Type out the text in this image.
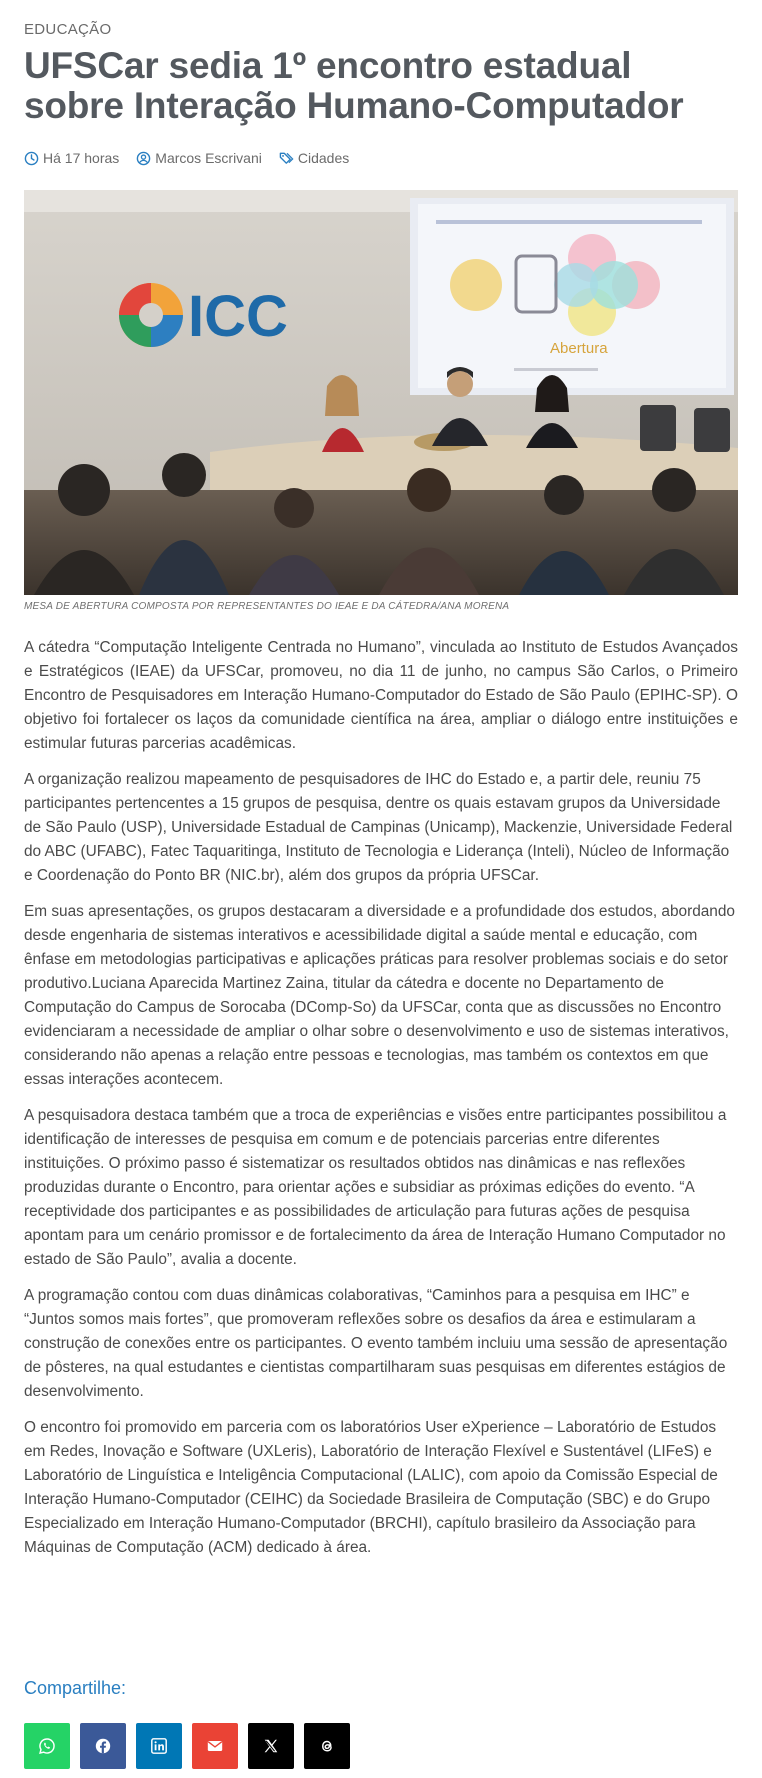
EDUCAÇÃO
UFSCar sedia 1º encontro estadual sobre Interação Humano-Computador
Há 17 horas	Marcos Escrivani	Cidades
Abertura
ICC
MESA DE ABERTURA COMPOSTA POR REPRESENTANTES DO IEAE E DA CÁTEDRA/ANA MORENA

A cátedra “Computação Inteligente Centrada no Humano”, vinculada ao Instituto de Estudos Avançados e Estratégicos (IEAE) da UFSCar, promoveu, no dia 11 de junho, no campus São Carlos, o Primeiro Encontro de Pesquisadores em Interação Humano-Computador do Estado de São Paulo (EPIHC-SP). O objetivo foi fortalecer os laços da comunidade científica na área, ampliar o diálogo entre instituições e estimular futuras parcerias acadêmicas.

A organização realizou mapeamento de pesquisadores de IHC do Estado e, a partir dele, reuniu 75 participantes pertencentes a 15 grupos de pesquisa, dentre os quais estavam grupos da Universidade de São Paulo (USP), Universidade Estadual de Campinas (Unicamp), Mackenzie, Universidade Federal do ABC (UFABC), Fatec Taquaritinga, Instituto de Tecnologia e Liderança (Inteli), Núcleo de Informação e Coordenação do Ponto BR (NIC.br), além dos grupos da própria UFSCar.

Em suas apresentações, os grupos destacaram a diversidade e a profundidade dos estudos, abordando desde engenharia de sistemas interativos e acessibilidade digital a saúde mental e educação, com ênfase em metodologias participativas e aplicações práticas para resolver problemas sociais e do setor produtivo.Luciana Aparecida Martinez Zaina, titular da cátedra e docente no Departamento de Computação do Campus de Sorocaba (DComp-So) da UFSCar, conta que as discussões no Encontro evidenciaram a necessidade de ampliar o olhar sobre o desenvolvimento e uso de sistemas interativos, considerando não apenas a relação entre pessoas e tecnologias, mas também os contextos em que essas interações acontecem.

A pesquisadora destaca também que a troca de experiências e visões entre participantes possibilitou a identificação de interesses de pesquisa em comum e de potenciais parcerias entre diferentes instituições. O próximo passo é sistematizar os resultados obtidos nas dinâmicas e nas reflexões produzidas durante o Encontro, para orientar ações e subsidiar as próximas edições do evento. “A receptividade dos participantes e as possibilidades de articulação para futuras ações de pesquisa apontam para um cenário promissor e de fortalecimento da área de Interação Humano Computador no estado de São Paulo”, avalia a docente.

A programação contou com duas dinâmicas colaborativas, “Caminhos para a pesquisa em IHC” e “Juntos somos mais fortes”, que promoveram reflexões sobre os desafios da área e estimularam a construção de conexões entre os participantes. O evento também incluiu uma sessão de apresentação de pôsteres, na qual estudantes e cientistas compartilharam suas pesquisas em diferentes estágios de desenvolvimento.

O encontro foi promovido em parceria com os laboratórios User eXperience – Laboratório de Estudos em Redes, Inovação e Software (UXLeris), Laboratório de Interação Flexível e Sustentável (LIFeS) e Laboratório de Linguística e Inteligência Computacional (LALIC), com apoio da Comissão Especial de Interação Humano-Computador (CEIHC) da Sociedade Brasileira de Computação (SBC) e do Grupo Especializado em Interação Humano-Computador (BRCHI), capítulo brasileiro da Associação para Máquinas de Computação (ACM) dedicado à área.

Compartilhe:
